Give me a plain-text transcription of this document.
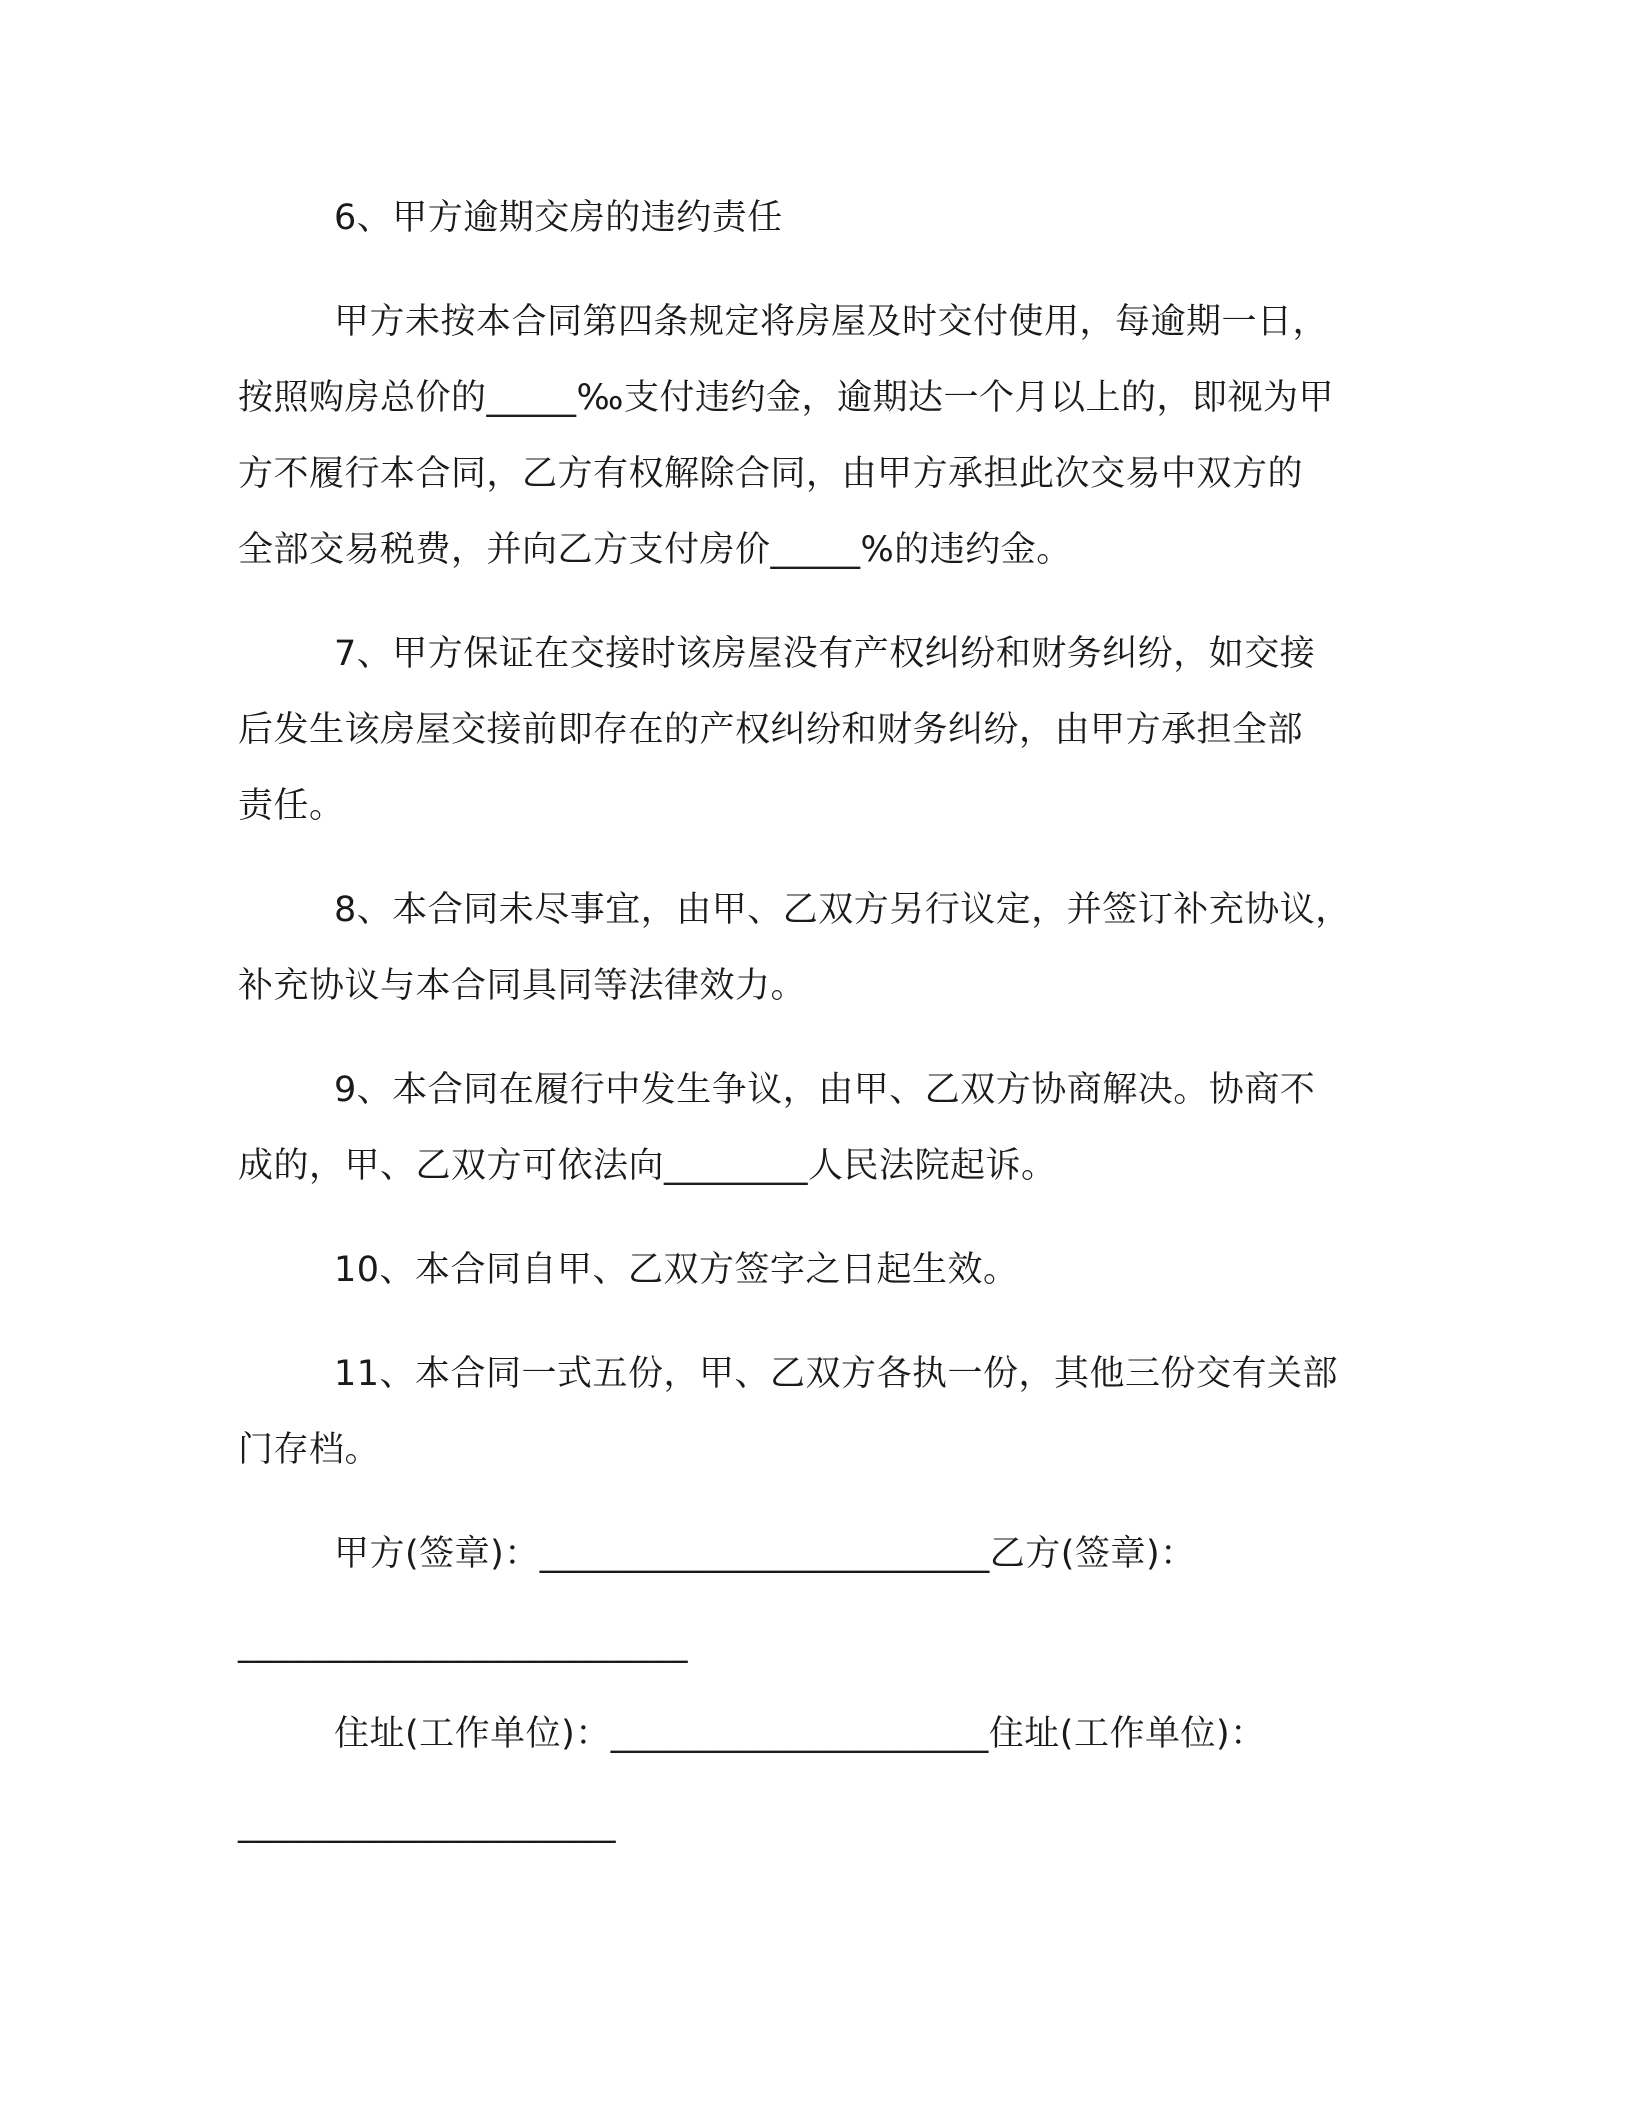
6、甲方逾期交房的违约责任
甲方未按本合同第四条规定将房屋及时交付使用，每逾期一日，
按照购房总价的_____‰支付违约金，逾期达一个月以上的，即视为甲
方不履行本合同，乙方有权解除合同，由甲方承担此次交易中双方的
全部交易税费，并向乙方支付房价_____%的违约金。
7、甲方保证在交接时该房屋没有产权纠纷和财务纠纷，如交接
后发生该房屋交接前即存在的产权纠纷和财务纠纷，由甲方承担全部
责任。
8、本合同未尽事宜，由甲、乙双方另行议定，并签订补充协议，
补充协议与本合同具同等法律效力。
9、本合同在履行中发生争议，由甲、乙双方协商解决。协商不
成的，甲、乙双方可依法向________人民法院起诉。
10、本合同自甲、乙双方签字之日起生效。
11、本合同一式五份，甲、乙双方各执一份，其他三份交有关部
门存档。
甲方(签章)：_________________________乙方(签章)：
_________________________
住址(工作单位)：_____________________住址(工作单位)：
_____________________
